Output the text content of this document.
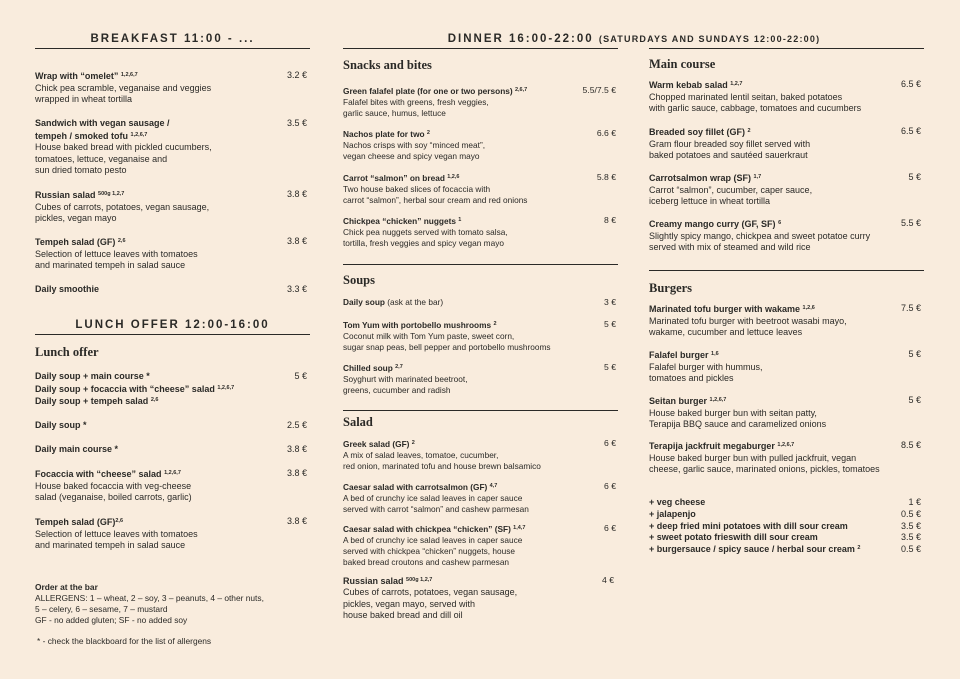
BREAKFAST 11:00 - ...
Wrap with “omelet” $^{1,2,6,7}$
Chick pea scramble, veganaise and veggies
wrapped in wheat tortilla
3.2 €
Sandwich with vegan sausage /
tempeh / smoked tofu $^{1,2,6,7}$
House baked bread with pickled cucumbers,
tomatoes, lettuce, veganaise and
sun dried tomato pesto
3.5 €
Russian salad $^{500g 1,2,7}$
Cubes of carrots, potatoes, vegan sausage,
pickles, vegan mayo
3.8 €
Tempeh salad (GF) $^{2,6}$
Selection of lettuce leaves with tomatoes
and marinated tempeh in salad sauce
3.8 €
Daily smoothie	3.3 €
LUNCH OFFER 12:00-16:00
Lunch offer
Daily soup + main course *
Daily soup + focaccia with “cheese” salad $^{1,2,6,7}$
Daily soup + tempeh salad $^{2,6}$
5 €
Daily soup *	2.5 €
Daily main course *	3.8 €
Focaccia with “cheese” salad $^{1,2,6,7}$
House baked focaccia with veg-cheese
salad (veganaise, boiled carrots, garlic)
3.8 €
Tempeh salad (GF)$^{2,6}$
Selection of lettuce leaves with tomatoes
and marinated tempeh in salad sauce
3.8 €
Order at the bar
ALLERGENS: 1 – wheat, 2 – soy, 3 – peanuts, 4 – other nuts,
5 – celery, 6 – sesame, 7 – mustard
GF - no added gluten; SF - no added soy
* - check the blackboard for the list of allergens
DINNER 16:00-22:00 (SATURDAYS AND SUNDAYS 12:00-22:00)
Snacks and bites
Green falafel plate (for one or two persons) $^{2,6,7}$
Falafel bites with greens, fresh veggies,
garlic sauce, humus, lettuce
5.5/7.5 €
Nachos plate for two $^2$
Nachos crisps with soy “minced meat”,
vegan cheese and spicy vegan mayo
6.6 €
Carrot “salmon” on bread $^{1,2,6}$
Two house baked slices of focaccia with
carrot “salmon”, herbal sour cream and red onions
5.8 €
Chickpea “chicken” nuggets $^1$
Chick pea nuggets served with tomato salsa,
tortilla, fresh veggies and spicy vegan mayo
8 €
Soups
Daily soup (ask at the bar)	3 €
Tom Yum with portobello mushrooms $^2$
Coconut milk with Tom Yum paste, sweet corn,
sugar snap peas, bell pepper and portobello mushrooms
5 €
Chilled soup $^{2,7}$
Soyghurt with marinated beetroot,
greens, cucumber and radish
5 €
Salad
Greek salad (GF) $^2$
A mix of salad leaves, tomatoe, cucumber,
red onion, marinated tofu and house brewn balsamico
6 €
Caesar salad with carrotsalmon (GF) $^{4,7}$
A bed of crunchy ice salad leaves in caper sauce
served with carrot “salmon” and cashew parmesan
6 €
Caesar salad with chickpea “chicken” (SF) $^{1,4,7}$
A bed of crunchy ice salad leaves in caper sauce
served with chickpea “chicken” nuggets, house
baked bread croutons and cashew parmesan
6 €
Russian salad $^{500g 1,2,7}$
Cubes of carrots, potatoes, vegan sausage,
pickles, vegan mayo, served with
house baked bread and dill oil
4 €
Main course
Warm kebab salad $^{1,2,7}$
Chopped marinated lentil seitan, baked potatoes
with garlic sauce, cabbage, tomatoes and cucumbers
6.5 €
Breaded soy fillet (GF) $^2$
Gram flour breaded soy fillet served with
baked potatoes and sautéed sauerkraut
6.5 €
Carrotsalmon wrap (SF) $^{1,7}$
Carrot “salmon”, cucumber, caper sauce,
iceberg lettuce in wheat tortilla
5 €
Creamy mango curry (GF, SF) $^6$
Slightly spicy mango, chickpea and sweet potatoe curry
served with mix of steamed and wild rice
5.5 €
Burgers
Marinated tofu burger with wakame $^{1,2,6}$
Marinated tofu burger with beetroot wasabi mayo,
wakame, cucumber and lettuce leaves
7.5 €
Falafel burger $^{1,6}$
Falafel burger with hummus,
tomatoes and pickles
5 €
Seitan burger $^{1,2,6,7}$
House baked burger bun with seitan patty,
Terapija BBQ sauce and caramelized onions
5 €
Terapija jackfruit megaburger $^{1,2,6,7}$
House baked burger bun with pulled jackfruit, vegan
cheese, garlic sauce, marinated onions, pickles, tomatoes
8.5 €
+ veg cheese	1 €
+ jalapenjo	0.5 €
+ deep fried mini potatoes with dill sour cream	3.5 €
+ sweet potato frieswith dill sour cream	3.5 €
+ burgersauce / spicy sauce / herbal sour cream $^2$	0.5 €
